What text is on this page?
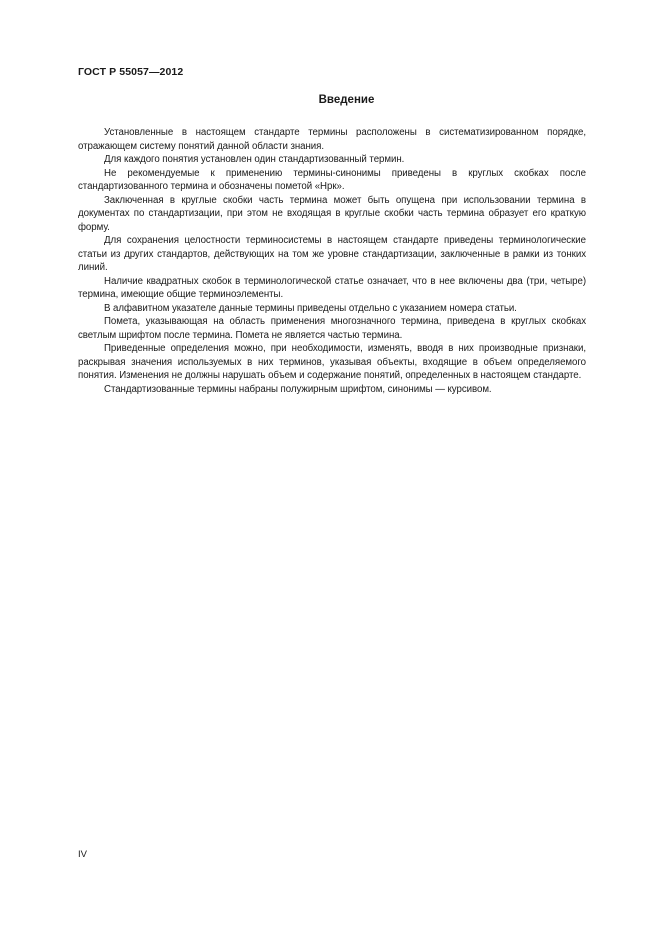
ГОСТ Р 55057—2012
Введение

Установленные в настоящем стандарте термины расположены в систематизированном порядке, отражающем систему понятий данной области знания.

Для каждого понятия установлен один стандартизованный термин.

Не рекомендуемые к применению термины-синонимы приведены в круглых скобках после стандартизованного термина и обозначены пометой «Нрк».

Заключенная в круглые скобки часть термина может быть опущена при использовании термина в документах по стандартизации, при этом не входящая в круглые скобки часть термина образует его краткую форму.

Для сохранения целостности терминосистемы в настоящем стандарте приведены терминологические статьи из других стандартов, действующих на том же уровне стандартизации, заключенные в рамки из тонких линий.

Наличие квадратных скобок в терминологической статье означает, что в нее включены два (три, четыре) термина, имеющие общие терминоэлементы.

В алфавитном указателе данные термины приведены отдельно с указанием номера статьи.

Помета, указывающая на область применения многозначного термина, приведена в круглых скобках светлым шрифтом после термина. Помета не является частью термина.

Приведенные определения можно, при необходимости, изменять, вводя в них производные признаки, раскрывая значения используемых в них терминов, указывая объекты, входящие в объем определяемого понятия. Изменения не должны нарушать объем и содержание понятий, определенных в настоящем стандарте.

Стандартизованные термины набраны полужирным шрифтом, синонимы — курсивом.

IV
